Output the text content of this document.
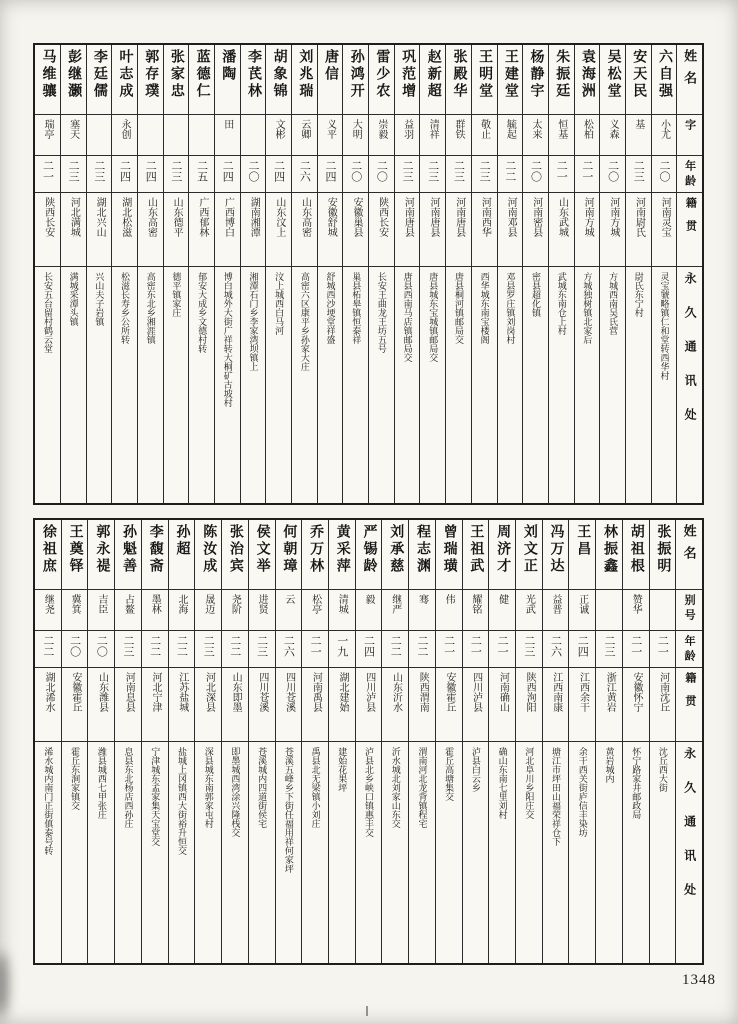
姓名
字
年龄
籍贯
永久通讯处
六自强
小尤
二〇
河南灵宝
灵宝虢略镇仁和堂转西华村
安天民
基
二三
河南尉氏
尉氏东宁村
吴松堂
义森
二〇
河南方城
方城西南吴氏营
袁海洲
松柏
二一
河南方城
方城独树镇北家后
朱振廷
恒基
二一
山东武城
武城东南仓上村
杨静宇
太来
二〇
河南密县
密县超化镇
王建堂
毓起
二二
河南邓县
邓县罗庄镇刘岗村
王明堂
敬止
二三
河南西华
西华城东南宝楼阁
张殿华
群铁
二三
河南唐县
唐县桐河镇邮局交
赵新超
清祥
二三
河南唐县
唐县城东宝城镇邮局交
巩范增
益羽
二三
河南唐县
唐县西南马店镇邮局交
雷少农
崇毅
二〇
陕西长安
长安王曲龙王坊五号
孙鸿开
大明
二〇
安徽巢县
巢县柘皋镇恒泰祥
唐信
义平
二四
安徽舒城
舒城西沙埂堂祥盛
刘兆瑞
云卿
二六
山东高密
高密六区康平乡孙家大庄
胡象锦
文彬
二四
山东汶上
汶上城西白马河
李芪林
二〇
湖南湘潭
湘潭石门乡李家湾坝镇上
潘陶
田
二四
广西博白
博白城外大街广祥转大桐矿古坡村
蓝德仁
二五
广西郁林
郁安大成乡文德村转
张家忠
二三
山东德平
德平镇家庄
郭存璞
二四
山东高密
高密东北乡湘涯镇
叶志成
永创
二四
湖北松滋
松滋长寿乡公所转
李廷儒
二三
湖北兴山
兴山夫子岩镇
彭继灏
塞天
二三
河北满城
满城采潭头镇
马维骧
瑞亭
二一
陕西长安
长安五台留村鹤云堂
姓名
别号
年龄
籍贯
永久通讯处
张振明
二一
河南沈丘
沈丘西大街
胡祖根
赞华
二一
安徽怀宁
怀宁路家井邮政局
林振鑫
二三
浙江黄岩
黄岩城内
王昌
正诚
二四
江西余干
余干西关街庐信丰染坊
冯万达
益普
二六
江西南康
塘江市坪田山福荣祥仓下
刘文正
光武
二三
陕西洵阳
河北阜川乡阳庄交
周济才
健
二一
河南确山
确山东南七里刘村
王祖武
耀铭
二一
四川泸县
泸县白云乡
曾瑞璜
伟
二一
安徽霍丘
霍丘高塘集交
程志渊
骞
二二
陕西渭南
渭南河北龙背镇程宅
刘承慈
继严
二二
山东沂水
沂水城北刘家山东交
严锡龄
毅
二四
四川泸县
泸县北乡峡口镇惠丰交
黄采萍
清城
一九
湖北建始
建始花果坪
乔万林
松亭
二一
河南禹县
禹县北无梁镇小刘庄
何朝璋
云
二六
四川苍溪
苍溪五峰乡下街任福用祥何家坪
侯文举
进贤
二三
四川苍溪
苍溪城内四道街侯宅
张治宾
尧阶
二二
山东即墨
即墨城西湾涂兴隆栈交
陈汝成
晟迈
二三
河北深县
深县城东南郭家屯村
孙超
北海
二二
江苏盐城
盐城上冈镇西大街裕升恒交
李馥斋
墨林
二二
河北宁津
宁津城东孟家集天宝堂交
孙魁善
占鳌
二三
河南息县
息县东北杨店西孙庄
郭永禔
吉臣
二〇
山东潍县
潍县城西七甲张庄
王奠铎
冀箕
二〇
安徽霍丘
霍丘东涧家镇交
徐祖庶
继尧
二二
湖北浠水
浠水城内南门正街傎泰号转
1348
